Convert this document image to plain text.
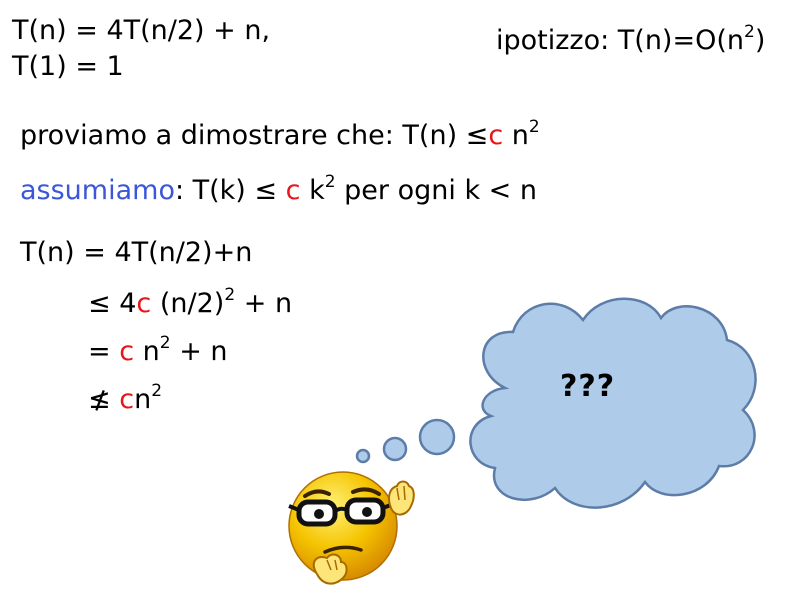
T(n) = 4T(n/2) + n,
T(1) = 1
ipotizzo: $T(n)=O(n^2)$
proviamo a dimostrare che: T(n) ≤c $n^2$
assumiamo: T(k) ≤ c $k^2$ per ogni k < n
T(n) = 4T(n/2)+n
≤ 4c $(n/2)^2 + n$
= c $n^2 + n$
≰ $cn^2$	???
